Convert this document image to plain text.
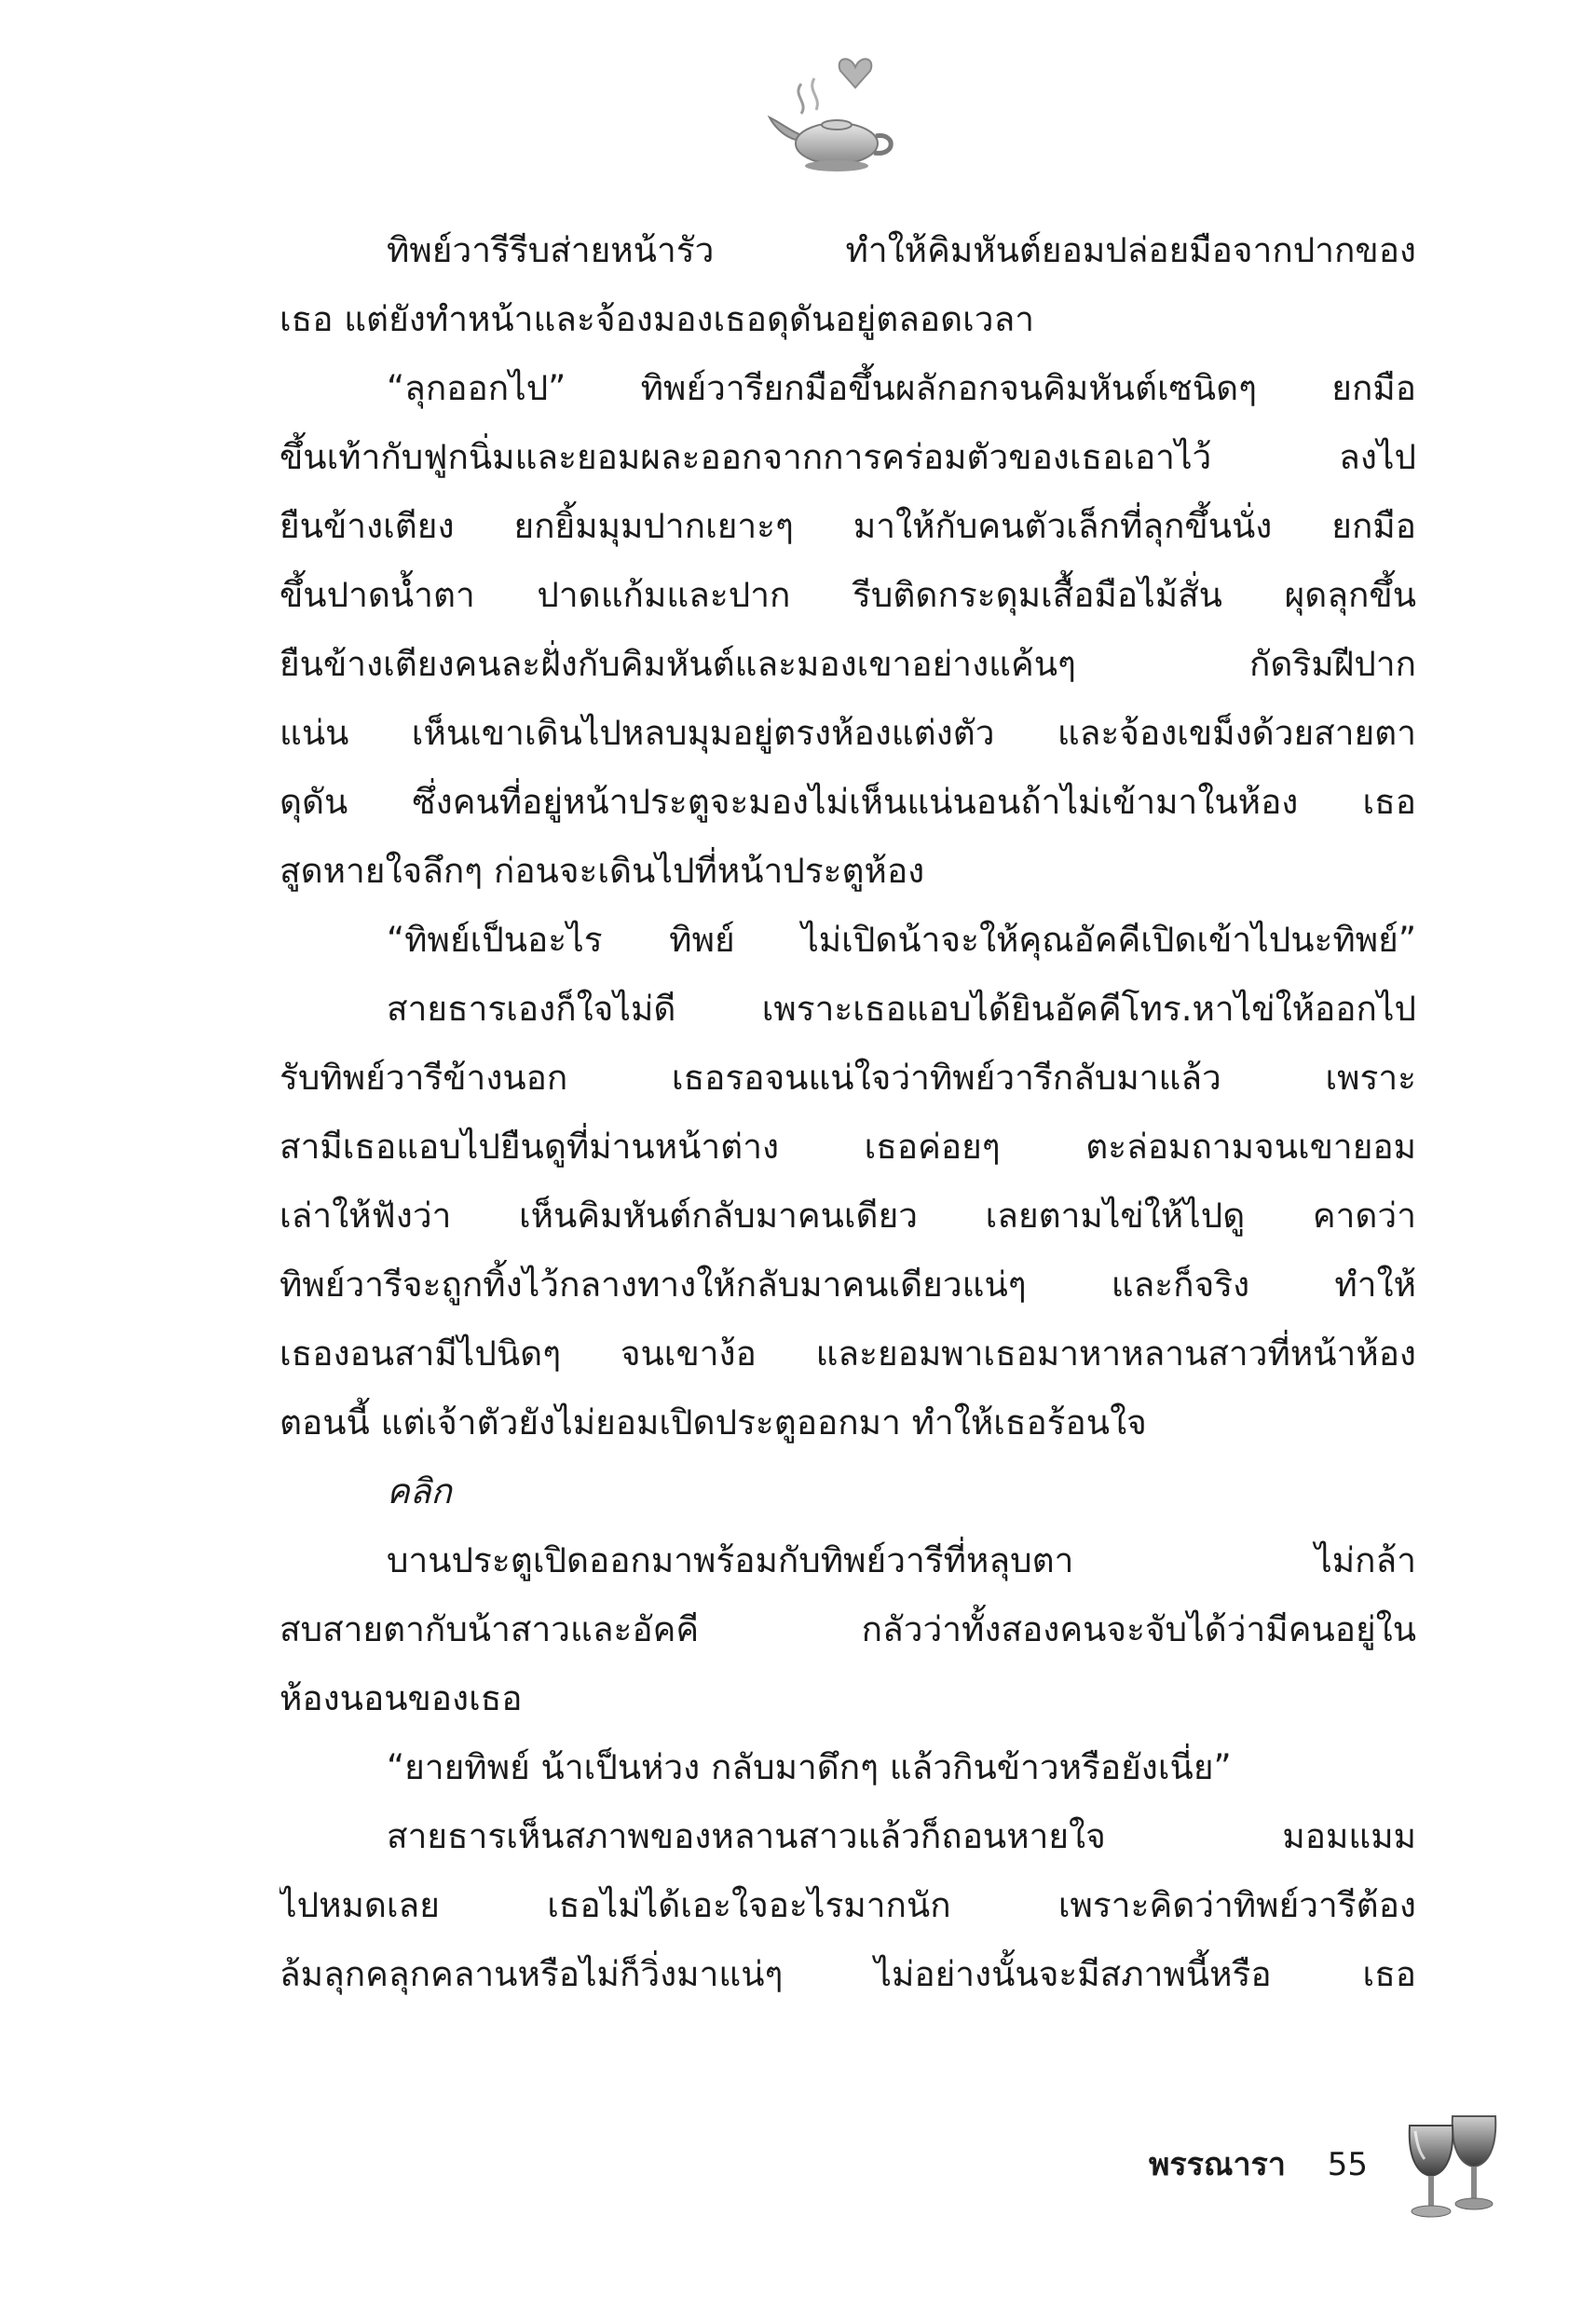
ทิพย์วารีรีบส่ายหน้ารัว ทำให้คิมหันต์ยอมปล่อยมือจากปากของ
เธอ แต่ยังทำหน้าและจ้องมองเธอดุดันอยู่ตลอดเวลา
“ลุกออกไป” ทิพย์วารียกมือขึ้นผลักอกจนคิมหันต์เซนิดๆ ยกมือ
ขึ้นเท้ากับฟูกนิ่มและยอมผละออกจากการคร่อมตัวของเธอเอาไว้ ลงไป
ยืนข้างเตียง ยกยิ้มมุมปากเยาะๆ มาให้กับคนตัวเล็กที่ลุกขึ้นนั่ง ยกมือ
ขึ้นปาดน้ำตา ปาดแก้มและปาก รีบติดกระดุมเสื้อมือไม้สั่น ผุดลุกขึ้น
ยืนข้างเตียงคนละฝั่งกับคิมหันต์และมองเขาอย่างแค้นๆ กัดริมฝีปาก
แน่น เห็นเขาเดินไปหลบมุมอยู่ตรงห้องแต่งตัว และจ้องเขม็งด้วยสายตา
ดุดัน ซึ่งคนที่อยู่หน้าประตูจะมองไม่เห็นแน่นอนถ้าไม่เข้ามาในห้อง เธอ
สูดหายใจลึกๆ ก่อนจะเดินไปที่หน้าประตูห้อง
“ทิพย์เป็นอะไร ทิพย์ ไม่เปิดน้าจะให้คุณอัคคีเปิดเข้าไปนะทิพย์”
สายธารเองก็ใจไม่ดี เพราะเธอแอบได้ยินอัคคีโทร.หาไข่ให้ออกไป
รับทิพย์วารีข้างนอก เธอรอจนแน่ใจว่าทิพย์วารีกลับมาแล้ว เพราะ
สามีเธอแอบไปยืนดูที่ม่านหน้าต่าง เธอค่อยๆ ตะล่อมถามจนเขายอม
เล่าให้ฟังว่า เห็นคิมหันต์กลับมาคนเดียว เลยตามไข่ให้ไปดู คาดว่า
ทิพย์วารีจะถูกทิ้งไว้กลางทางให้กลับมาคนเดียวแน่ๆ และก็จริง ทำให้
เธองอนสามีไปนิดๆ จนเขาง้อ และยอมพาเธอมาหาหลานสาวที่หน้าห้อง
ตอนนี้ แต่เจ้าตัวยังไม่ยอมเปิดประตูออกมา ทำให้เธอร้อนใจ
คลิก
บานประตูเปิดออกมาพร้อมกับทิพย์วารีที่หลุบตา ไม่กล้า
สบสายตากับน้าสาวและอัคคี กลัวว่าทั้งสองคนจะจับได้ว่ามีคนอยู่ใน
ห้องนอนของเธอ
“ยายทิพย์ น้าเป็นห่วง กลับมาดึกๆ แล้วกินข้าวหรือยังเนี่ย”
สายธารเห็นสภาพของหลานสาวแล้วก็ถอนหายใจ มอมแมม
ไปหมดเลย เธอไม่ได้เอะใจอะไรมากนัก เพราะคิดว่าทิพย์วารีต้อง
ล้มลุกคลุกคลานหรือไม่ก็วิ่งมาแน่ๆ ไม่อย่างนั้นจะมีสภาพนี้หรือ เธอ
พรรณารา 55
